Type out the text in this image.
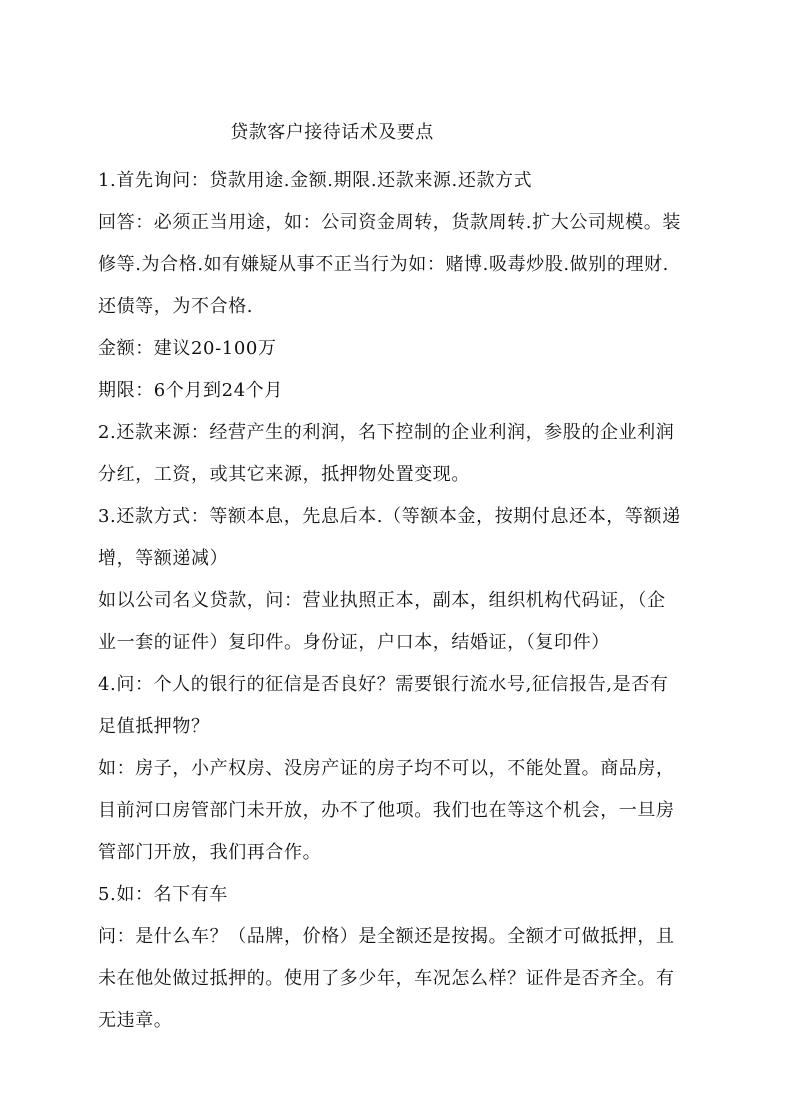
贷款客户接待话术及要点

1.首先询问：贷款用途.金额.期限.还款来源.还款方式

回答：必须正当用途，如：公司资金周转，货款周转.扩大公司规模。装

修等.为合格.如有嫌疑从事不正当行为如：赌博.吸毒炒股.做别的理财.

还债等，为不合格.

金额：建议20-100万

期限：6个月到24个月

2.还款来源：经营产生的利润，名下控制的企业利润，参股的企业利润

分红，工资，或其它来源，抵押物处置变现。

3.还款方式：等额本息，先息后本.（等额本金，按期付息还本，等额递

增，等额递减）

如以公司名义贷款，问：营业执照正本，副本，组织机构代码证，（企

业一套的证件）复印件。身份证，户口本，结婚证，（复印件）

4.问：个人的银行的征信是否良好？需要银行流水号,征信报告,是否有

足值抵押物？

如：房子，小产权房、没房产证的房子均不可以，不能处置。商品房，

目前河口房管部门未开放，办不了他项。我们也在等这个机会，一旦房

管部门开放，我们再合作。

5.如：名下有车

问：是什么车？（品牌，价格）是全额还是按揭。全额才可做抵押，且

未在他处做过抵押的。使用了多少年，车况怎么样？证件是否齐全。有

无违章。
